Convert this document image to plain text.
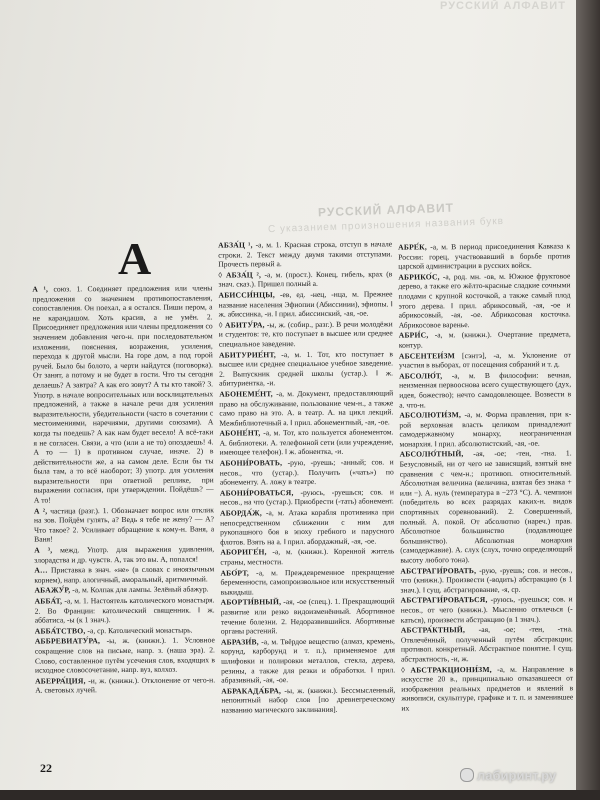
РУССКИЙ АЛФАВИТ
РУССКИЙ АЛФАВИТ
С указанием произношения названия букв
А

А ¹, союз. 1. Соединяет предложения или члены предложения со значением противопоставления, сопоставления. Он поехал, а я остался. Пиши пером, а не карандашом. Хоть красив, а не умён. 2. Присоединяет предложения или члены предложения со значением добавления чего-н. при последовательном изложении, пояснения, возражения, усиления, перехода к другой мысли. На горе дом, а под горой ручей. Было бы болото, а черти найдутся (поговорка). От занят, а потому и не будет в гости. Что ты сегодня делаешь? А завтра? А как его зовут? А ты кто такой? 3. Употр. в начале вопросительных или восклицательных предложений, а также в начале речи для усиления выразительности, убедительности (часто в сочетании с местоимениями, наречиями, другими союзами). А когда ты поедешь? А как нам будет весело! А всё-таки я не согласен. Связи, а что (или а не то) опоздаешь! 4. А то — 1) в противном случае, иначе. 2) в действительности же, а на самом деле. Если бы ты была там, а то всё наоборот; 3) употр. для усиления выразительности при ответной реплике, при выражении согласия, при утверждении. Пойдёшь? — А то!

А ², частица (разг.). 1. Обозначает вопрос или отклик на зов. Пойдём гулять, а? Ведь я тебе не жену? — А? Что такое? 2. Усиливает обращение к кому-н. Ваня, а Ваня!

А ³, межд. Употр. для выражения удивления, злорадства и др. чувств. А, так это вы. А, попался!

А… Приставка в знач. «не» (в словах с иноязычным корнем), напр. алогичный, аморальный, аритмичный.

АБАЖУ́Р, -а, м. Колпак для лампы. Зелёный абажур.

АББА́Т, -а, м. 1. Настоятель католического монастыря. 2. Во Франции: католический священник. ‖ ж. аббатиса, -ы (к 1 знач.).

АББА́ТСТВО, -а, ср. Католический монастырь.

АББРЕВИАТУ́РА, -ы, ж. (книжн.). 1. Условное сокращение слов на письме, напр. з. (наша эра). 2. Слово, составленное путём усечения слов, входящих в исходное словосочетание, напр. вуз, колхоз.

АБЕРРА́ЦИЯ, -и, ж. (книжн.). Отклонение от чего-н. А. световых лучей.

АБЗА́Ц ¹, -а, м. 1. Красная строка, отступ в начале строки. 2. Текст между двумя такими отступами. Прочесть первый а.

◊ АБЗА́Ц ², -а, м. (прост.). Конец, гибель, крах (в знач. сказ.). Пришел полный а.

АБИССИ́НЦЫ, -ев, ед. -нец, -нца, м. Прежнее название населения Эфиопии (Абиссинии), эфиопы. ‖ ж. абиссинка, -и. ‖ прил. абиссинский, -ая, -ое.

◊ АБИТУ́РА, -ы, ж. (собир., разг.). В речи молодёжи и студентов: те, кто поступает в высшее или среднее специальное заведение.

АБИТУРИЕ́НТ, -а, м. 1. Тот, кто поступает в высшее или среднее специальное учебное заведение. 2. Выпускник средней школы (устар.). ‖ ж. абитуриентка, -и.

АБОНЕМЕ́НТ, -а, м. Документ, предоставляющий право на обслуживание, пользование чем-н., а также само право на это. А. в театр. А. на цикл лекций. Межбиблиотечный а. ‖ прил. абонементный, -ая, -ое.

АБОНЕ́НТ, -а, м. Тот, кто пользуется абонементом. А. библиотеки. А. телефонной сети (или учреждение, имеющее телефон). ‖ ж. абонентка, -и.

АБОНИ́РОВАТЬ, -рую, -руешь; -анный; сов. и несов., что (устар.). Получить («чать») по абонементу. А. ложу в театре.

АБОНИ́РОВАТЬСЯ, -руюсь, -руешься; сов. и несов., на что (устар.). Приобрести (-тать) абонемент.

АБОРДА́Ж, -а, м. Атака корабля противника при непосредственном сближении с ним для рукопашного боя в эпоху гребного и парусного флотов. Взять на а. ‖ прил. абордажный, -ая, -ое.

АБОРИГЕ́Н, -а, м. (книжн.). Коренной житель страны, местности.

АБО́РТ, -а, м. Преждевременное прекращение беременности, самопроизвольное или искусственный выкидыш.

АБОРТИ́ВНЫЙ, -ая, -ое (спец.). 1. Прекращающий развитие или резко видоизменённый. Абортивное течение болезни. 2. Недоразвившийся. Абортивные органы растений.

АБРАЗИ́В, -а, м. Твёрдое вещество (алмаз, кремень, корунд, карборунд и т. п.), применяемое для шлифовки и полировки металлов, стекла, дерева, резины, а также для резки и обработки. ‖ прил. абразивный, -ая, -ое.

АБРАКАДА́БРА, -ы, ж. (книжн.). Бессмысленный, непонятный набор слов [по древнегреческому названию магического заклинания].

АБРЕ́К, -а, м. В период присоединения Кавказа к России: горец, участвовавший в борьбе против царской администрации в русских войск.

АБРИКО́С, -а, род. мн. -ов, м. Южное фруктовое дерево, а также его жёлто-красные сладкие сочными плодами с крупной косточкой, а также самый плод этого дерева. ‖ прил. абрикосовый, -ая, -ое и абрикосовый, -ая, -ое. Абрикосовая косточка. Абрикосовое варенье.

АБРИ́С, -а, м. (книжн.). Очертание предмета, контур.

АБСЕНТЕИ́ЗМ [сэнтэ], -а, м. Уклонение от участия в выборах, от посещения собраний и т. д.

АБСОЛЮ́Т, -а, м. В философии: вечная, неизменная первооснова всего существующего (дух, идея, божество); нечто самодовлеющее. Возвести в а. что-н.

АБСОЛЮТИ́ЗМ, -а, м. Форма правления, при к-рой верховная власть целиком принадлежит самодержавному монарху, неограниченная монархия. ‖ прил. абсолютистский, -ая, -ое.

АБСОЛЮ́ТНЫЙ, -ая, -ое; -тен, -тна. 1. Безусловный, ни от чего не зависящий, взятый вне сравнения с чем-н.; противоп. относительный. Абсолютная величина (величина, взятая без знака + или −). А. нуль (температура в −273 °C). А. чемпион (победитель во всех разрядах каких-н. видов спортивных соревнований). 2. Совершенный, полный. А. покой. От абсолютно (нареч.) прав. Абсолютное большинство (подавляющее большинство). Абсолютная монархия (самодержавие). А. слух (слух, точно определяющий высоту любого тона).

АБСТРАГИ́РОВАТЬ, -рую, -руешь; сов. и несов., что (книжн.). Произвести (-водить) абстракцию (в 1 знач.). ‖ сущ. абстрагирование, -я, ср.

АБСТРАГИ́РОВАТЬСЯ, -руюсь, -руешься; сов. и несов., от чего (книжн.). Мысленно отвлечься (-каться), произвести абстракцию (в 1 знач.).

АБСТРА́КТНЫЙ, -ая, -ое; -тен, -тна. Отвлечённый, полученный путём абстракции; противоп. конкретный. Абстрактное понятие. ‖ сущ. абстрактность, -и, ж.

◊ АБСТРАКЦИОНИ́ЗМ, -а, м. Направление в искусстве 20 в., принципиально отказавшееся от изображения реальных предметов и явлений в живописи, скульптуре, графике и т. п. и заменившее их

22	лабиринт.ру
